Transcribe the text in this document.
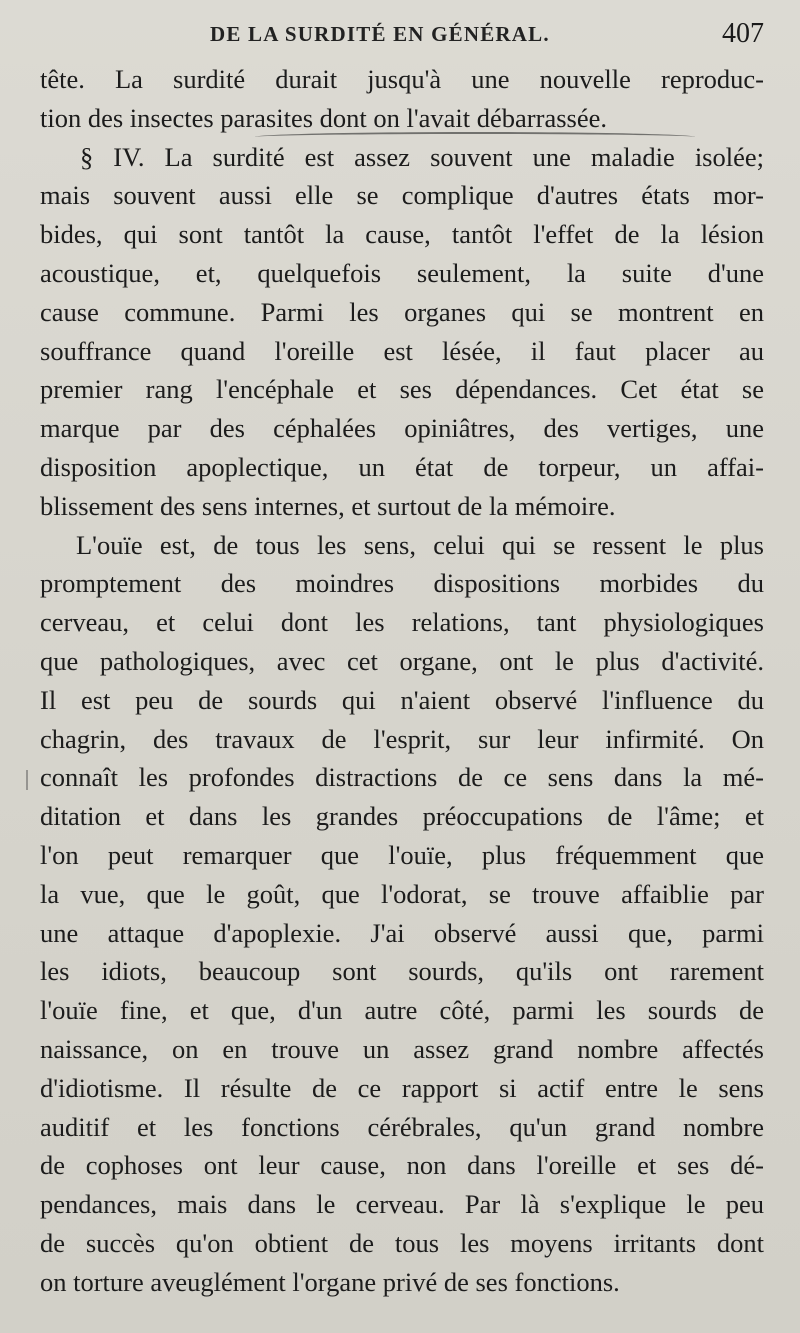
DE LA SURDITÉ EN GÉNÉRAL.	407
tête. La surdité durait jusqu'à une nouvelle reproduc-
tion des insectes parasites dont on l'avait débarrassée.
§ IV. La surdité est assez souvent une maladie isolée;
mais souvent aussi elle se complique d'autres états mor-
bides, qui sont tantôt la cause, tantôt l'effet de la lésion
acoustique, et, quelquefois seulement, la suite d'une
cause commune. Parmi les organes qui se montrent en
souffrance quand l'oreille est lésée, il faut placer au
premier rang l'encéphale et ses dépendances. Cet état se
marque par des céphalées opiniâtres, des vertiges, une
disposition apoplectique, un état de torpeur, un affai-
blissement des sens internes, et surtout de la mémoire.
L'ouïe est, de tous les sens, celui qui se ressent le plus
promptement des moindres dispositions morbides du
cerveau, et celui dont les relations, tant physiologiques
que pathologiques, avec cet organe, ont le plus d'activité.
Il est peu de sourds qui n'aient observé l'influence du
chagrin, des travaux de l'esprit, sur leur infirmité. On
connaît les profondes distractions de ce sens dans la mé-
ditation et dans les grandes préoccupations de l'âme; et
l'on peut remarquer que l'ouïe, plus fréquemment que
la vue, que le goût, que l'odorat, se trouve affaiblie par
une attaque d'apoplexie. J'ai observé aussi que, parmi
les idiots, beaucoup sont sourds, qu'ils ont rarement
l'ouïe fine, et que, d'un autre côté, parmi les sourds de
naissance, on en trouve un assez grand nombre affectés
d'idiotisme. Il résulte de ce rapport si actif entre le sens
auditif et les fonctions cérébrales, qu'un grand nombre
de cophoses ont leur cause, non dans l'oreille et ses dé-
pendances, mais dans le cerveau. Par là s'explique le peu
de succès qu'on obtient de tous les moyens irritants dont
on torture aveuglément l'organe privé de ses fonctions.
